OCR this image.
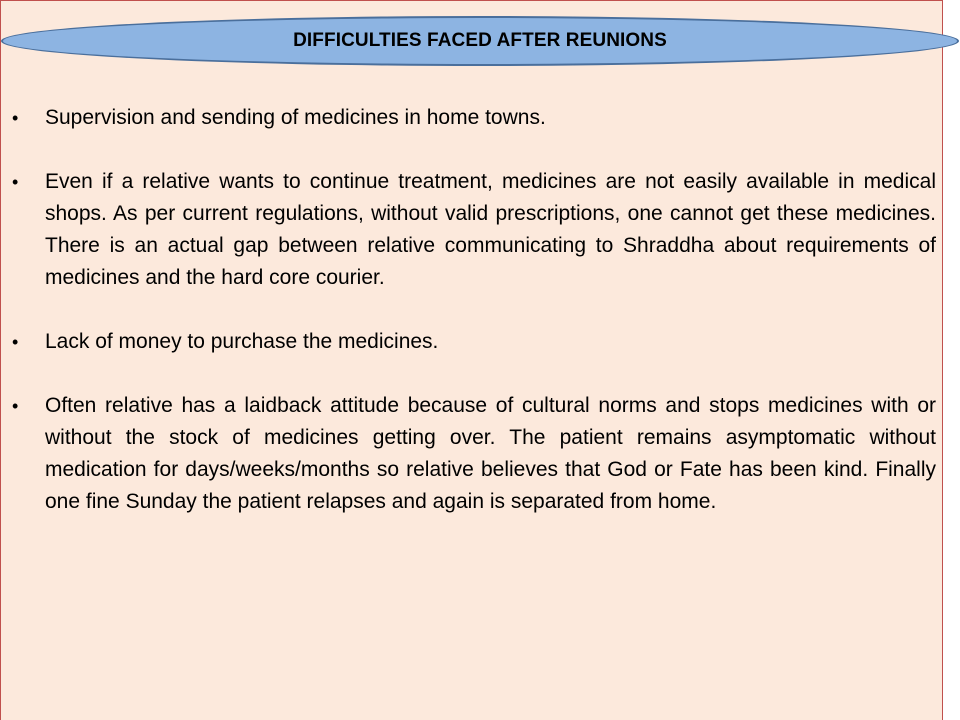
DIFFICULTIES FACED AFTER REUNIONS
• Supervision and sending of medicines in home towns.
• Even if a relative wants to continue treatment, medicines are not easily available in medical shops. As per current regulations, without valid prescriptions, one cannot get these medicines. There is an actual gap between relative communicating to Shraddha about requirements of medicines and the hard core courier.
• Lack of money to purchase the medicines.
• Often relative has a laidback attitude because of cultural norms and stops medicines with or without the stock of medicines getting over. The patient remains asymptomatic without medication for days/weeks/months so relative believes that God or Fate has been kind. Finally one fine Sunday the patient relapses and again is separated from home.
